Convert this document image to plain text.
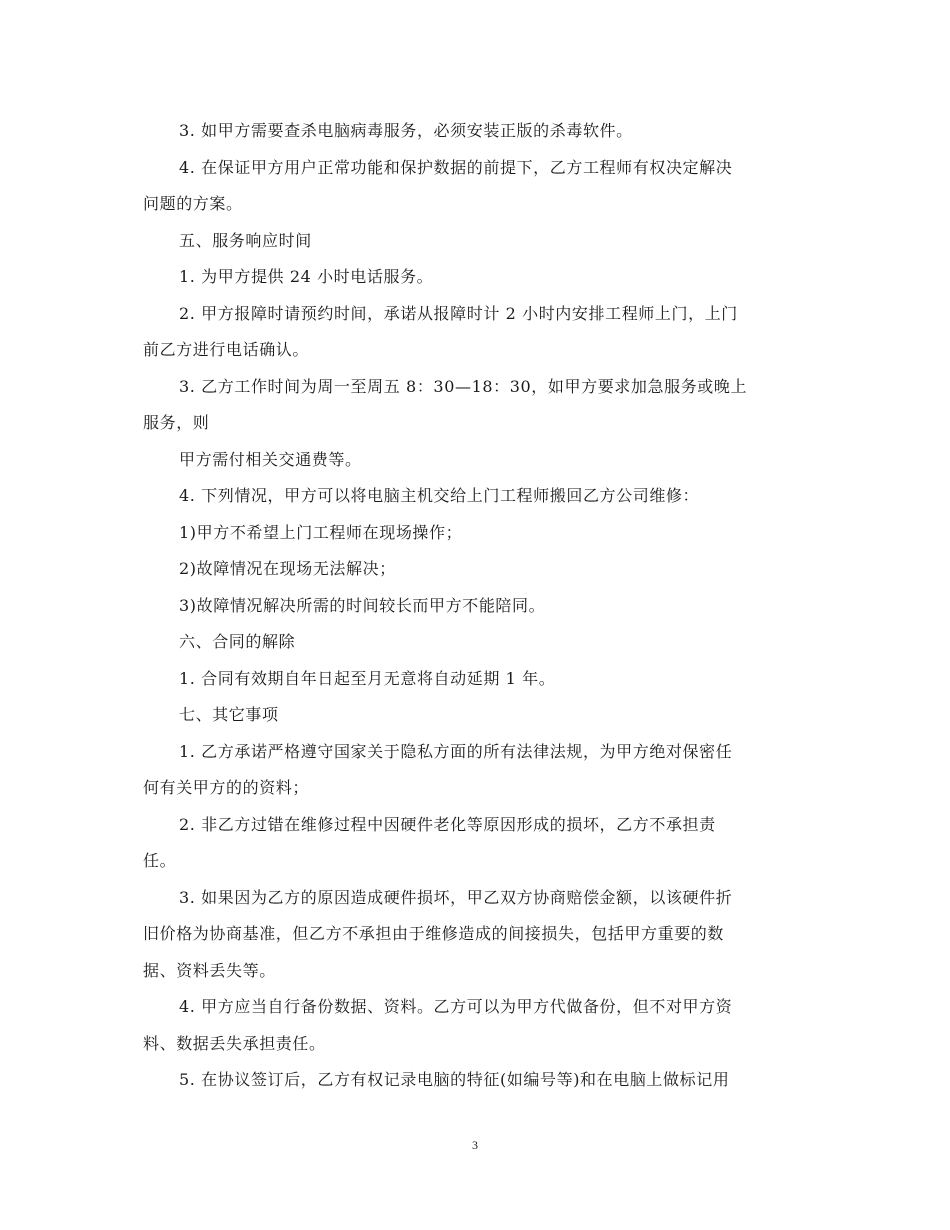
3. 如甲方需要查杀电脑病毒服务，必须安装正版的杀毒软件。

4. 在保证甲方用户正常功能和保护数据的前提下，乙方工程师有权决定解决

问题的方案。

五、服务响应时间

1. 为甲方提供 24 小时电话服务。

2. 甲方报障时请预约时间，承诺从报障时计 2 小时内安排工程师上门，上门

前乙方进行电话确认。

3. 乙方工作时间为周一至周五 8：30—18：30，如甲方要求加急服务或晚上

服务，则

甲方需付相关交通费等。

4. 下列情况，甲方可以将电脑主机交给上门工程师搬回乙方公司维修：

1)甲方不希望上门工程师在现场操作；

2)故障情况在现场无法解决；

3)故障情况解决所需的时间较长而甲方不能陪同。

六、合同的解除

1. 合同有效期自年日起至月无意将自动延期 1 年。

七、其它事项

1. 乙方承诺严格遵守国家关于隐私方面的所有法律法规，为甲方绝对保密任

何有关甲方的的资料；

2. 非乙方过错在维修过程中因硬件老化等原因形成的损坏，乙方不承担责

任。

3. 如果因为乙方的原因造成硬件损坏，甲乙双方协商赔偿金额，以该硬件折

旧价格为协商基准，但乙方不承担由于维修造成的间接损失，包括甲方重要的数

据、资料丢失等。

4. 甲方应当自行备份数据、资料。乙方可以为甲方代做备份，但不对甲方资

料、数据丢失承担责任。

5. 在协议签订后，乙方有权记录电脑的特征(如编号等)和在电脑上做标记用

3
